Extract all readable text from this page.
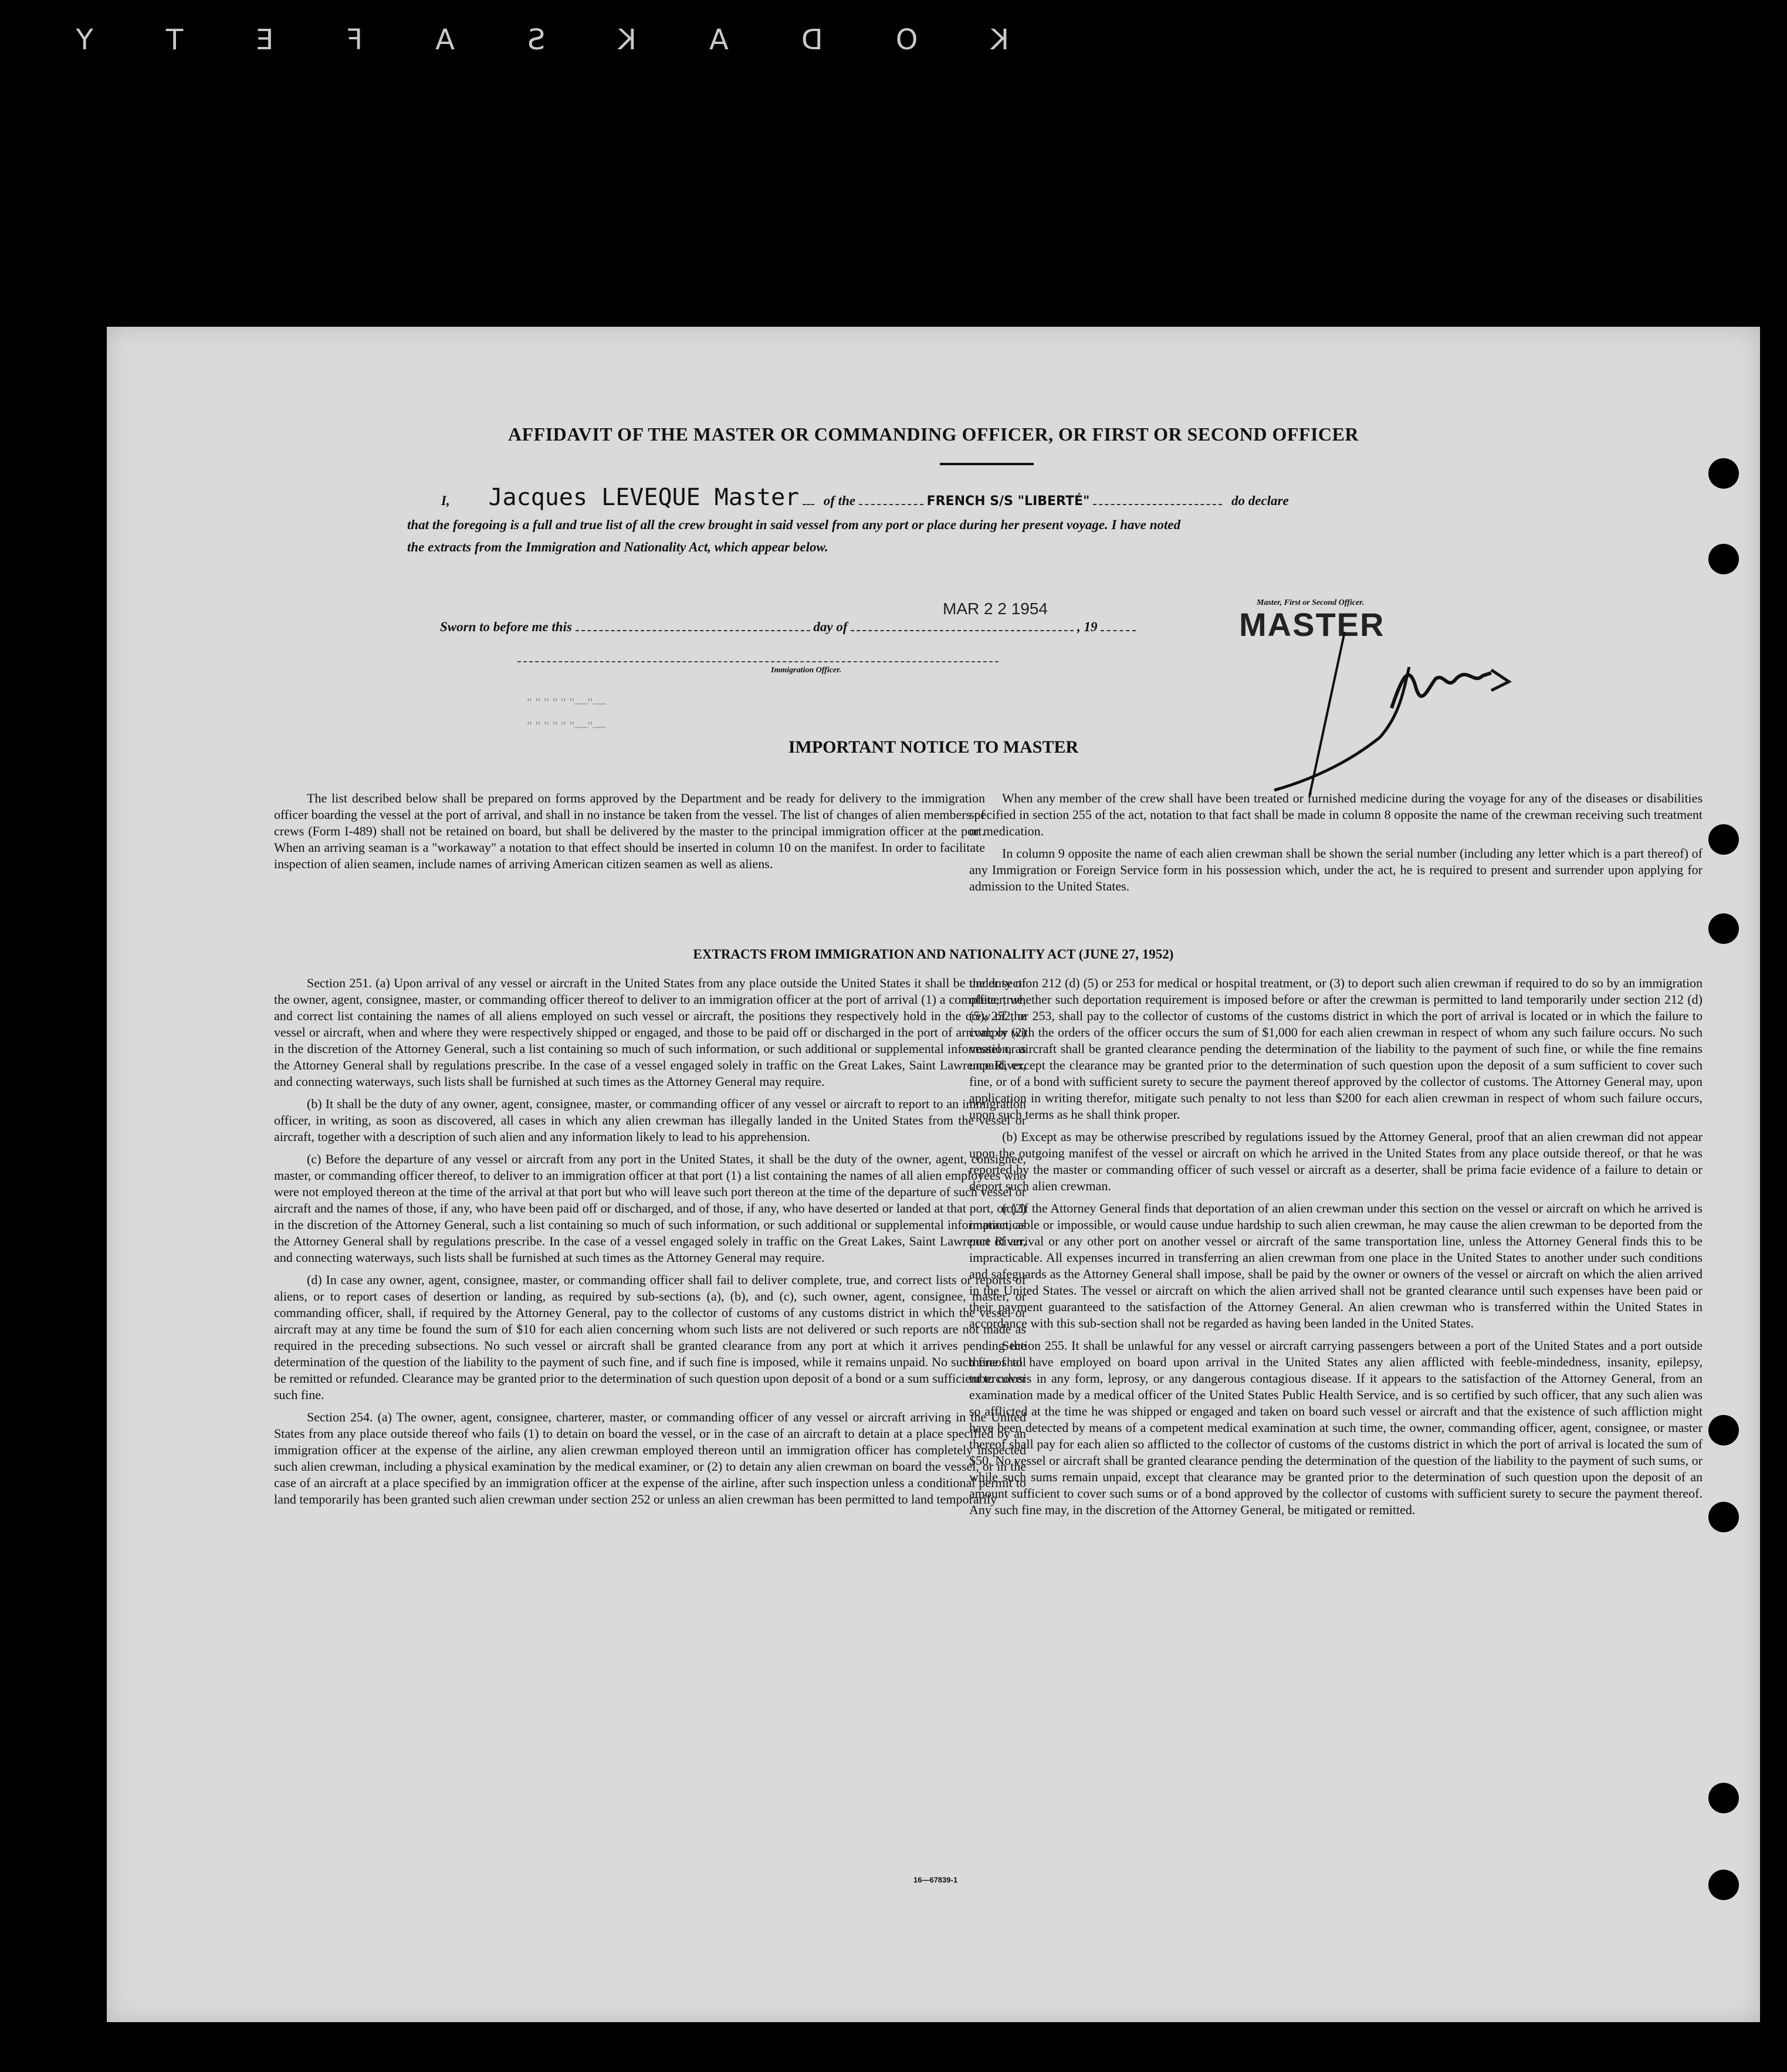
KODAKSAFETY
AFFIDAVIT OF THE MASTER OR COMMANDING OFFICER, OR FIRST OR SECOND OFFICER
I, Jacques LEVEQUE Master of the	FRENCH S/S "LIBERTÉ"	do declare
that the foregoing is a full and true list of all the crew brought in said vessel from any port or place during her present voyage. I have noted
the extracts from the Immigration and Nationality Act, which appear below.
Sworn to before me this	day of	, 19
MAR 2 2 1954	Master, First or Second Officer.
MASTER
Immigration Officer.
" " " " " "—"—
" " " " " "—"—
IMPORTANT NOTICE TO MASTER

The list described below shall be prepared on forms approved by the Department and be ready for delivery to the immigration officer boarding the vessel at the port of arrival, and shall in no instance be taken from the vessel. The list of changes of alien members of crews (Form I-489) shall not be retained on board, but shall be delivered by the master to the principal immigration officer at the port. When an arriving seaman is a "workaway" a notation to that effect should be inserted in column 10 on the manifest. In order to facilitate inspection of alien seamen, include names of arriving American citizen seamen as well as aliens.

When any member of the crew shall have been treated or furnished medicine during the voyage for any of the diseases or disabilities specified in section 255 of the act, notation to that fact shall be made in column 8 opposite the name of the crewman receiving such treatment or medication.

In column 9 opposite the name of each alien crewman shall be shown the serial number (including any letter which is a part thereof) of any Immigration or Foreign Service form in his possession which, under the act, he is required to present and surrender upon applying for admission to the United States.

EXTRACTS FROM IMMIGRATION AND NATIONALITY ACT (JUNE 27, 1952)

Section 251. (a) Upon arrival of any vessel or aircraft in the United States from any place outside the United States it shall be the duty of the owner, agent, consignee, master, or commanding officer thereof to deliver to an immigration officer at the port of arrival (1) a complete, true, and correct list containing the names of all aliens employed on such vessel or aircraft, the positions they respectively hold in the crew of the vessel or aircraft, when and where they were respectively shipped or engaged, and those to be paid off or discharged in the port of arrival; or (2) in the discretion of the Attorney General, such a list containing so much of such information, or such additional or supplemental information, as the Attorney General shall by regulations prescribe. In the case of a vessel engaged solely in traffic on the Great Lakes, Saint Lawrence River, and connecting waterways, such lists shall be furnished at such times as the Attorney General may require.

(b) It shall be the duty of any owner, agent, consignee, master, or commanding officer of any vessel or aircraft to report to an immigration officer, in writing, as soon as discovered, all cases in which any alien crewman has illegally landed in the United States from the vessel or aircraft, together with a description of such alien and any information likely to lead to his apprehension.

(c) Before the departure of any vessel or aircraft from any port in the United States, it shall be the duty of the owner, agent, consignee, master, or commanding officer thereof, to deliver to an immigration officer at that port (1) a list containing the names of all alien employees who were not employed thereon at the time of the arrival at that port but who will leave such port thereon at the time of the departure of such vessel or aircraft and the names of those, if any, who have been paid off or discharged, and of those, if any, who have deserted or landed at that port, or (2) in the discretion of the Attorney General, such a list containing so much of such information, or such additional or supplemental information, as the Attorney General shall by regulations prescribe. In the case of a vessel engaged solely in traffic on the Great Lakes, Saint Lawrence River, and connecting waterways, such lists shall be furnished at such times as the Attorney General may require.

(d) In case any owner, agent, consignee, master, or commanding officer shall fail to deliver complete, true, and correct lists or reports of aliens, or to report cases of desertion or landing, as required by sub-sections (a), (b), and (c), such owner, agent, consignee, master, or commanding officer, shall, if required by the Attorney General, pay to the collector of customs of any customs district in which the vessel or aircraft may at any time be found the sum of $10 for each alien concerning whom such lists are not delivered or such reports are not made as required in the preceding subsections. No such vessel or aircraft shall be granted clearance from any port at which it arrives pending the determination of the question of the liability to the payment of such fine, and if such fine is imposed, while it remains unpaid. No such fine shall be remitted or refunded. Clearance may be granted prior to the determination of such question upon deposit of a bond or a sum sufficient to cover such fine.

Section 254. (a) The owner, agent, consignee, charterer, master, or commanding officer of any vessel or aircraft arriving in the United States from any place outside thereof who fails (1) to detain on board the vessel, or in the case of an aircraft to detain at a place specified by an immigration officer at the expense of the airline, any alien crewman employed thereon until an immigration officer has completely inspected such alien crewman, including a physical examination by the medical examiner, or (2) to detain any alien crewman on board the vessel, or in the case of an aircraft at a place specified by an immigration officer at the expense of the airline, after such inspection unless a conditional permit to land temporarily has been granted such alien crewman under section 252 or unless an alien crewman has been permitted to land temporarily

under section 212 (d) (5) or 253 for medical or hospital treatment, or (3) to deport such alien crewman if required to do so by an immigration officer, whether such deportation requirement is imposed before or after the crewman is permitted to land temporarily under section 212 (d) (5), 252, or 253, shall pay to the collector of customs of the customs district in which the port of arrival is located or in which the failure to comply with the orders of the officer occurs the sum of $1,000 for each alien crewman in respect of whom any such failure occurs. No such vessel or aircraft shall be granted clearance pending the determination of the liability to the payment of such fine, or while the fine remains unpaid, except the clearance may be granted prior to the determination of such question upon the deposit of a sum sufficient to cover such fine, or of a bond with sufficient surety to secure the payment thereof approved by the collector of customs. The Attorney General may, upon application in writing therefor, mitigate such penalty to not less than $200 for each alien crewman in respect of whom such failure occurs, upon such terms as he shall think proper.

(b) Except as may be otherwise prescribed by regulations issued by the Attorney General, proof that an alien crewman did not appear upon the outgoing manifest of the vessel or aircraft on which he arrived in the United States from any place outside thereof, or that he was reported by the master or commanding officer of such vessel or aircraft as a deserter, shall be prima facie evidence of a failure to detain or deport such alien crewman.

(c) If the Attorney General finds that deportation of an alien crewman under this section on the vessel or aircraft on which he arrived is impracticable or impossible, or would cause undue hardship to such alien crewman, he may cause the alien crewman to be deported from the port of arrival or any other port on another vessel or aircraft of the same transportation line, unless the Attorney General finds this to be impracticable. All expenses incurred in transferring an alien crewman from one place in the United States to another under such conditions and safeguards as the Attorney General shall impose, shall be paid by the owner or owners of the vessel or aircraft on which the alien arrived in the United States. The vessel or aircraft on which the alien arrived shall not be granted clearance until such expenses have been paid or their payment guaranteed to the satisfaction of the Attorney General. An alien crewman who is transferred within the United States in accordance with this sub-section shall not be regarded as having been landed in the United States.

Section 255. It shall be unlawful for any vessel or aircraft carrying passengers between a port of the United States and a port outside thereof to have employed on board upon arrival in the United States any alien afflicted with feeble-mindedness, insanity, epilepsy, tuberculosis in any form, leprosy, or any dangerous contagious disease. If it appears to the satisfaction of the Attorney General, from an examination made by a medical officer of the United States Public Health Service, and is so certified by such officer, that any such alien was so afflicted at the time he was shipped or engaged and taken on board such vessel or aircraft and that the existence of such affliction might have been detected by means of a competent medical examination at such time, the owner, commanding officer, agent, consignee, or master thereof shall pay for each alien so afflicted to the collector of customs of the customs district in which the port of arrival is located the sum of $50. No vessel or aircraft shall be granted clearance pending the determination of the question of the liability to the payment of such sums, or while such sums remain unpaid, except that clearance may be granted prior to the determination of such question upon the deposit of an amount sufficient to cover such sums or of a bond approved by the collector of customs with sufficient surety to secure the payment thereof. Any such fine may, in the discretion of the Attorney General, be mitigated or remitted.

16—67839-1
